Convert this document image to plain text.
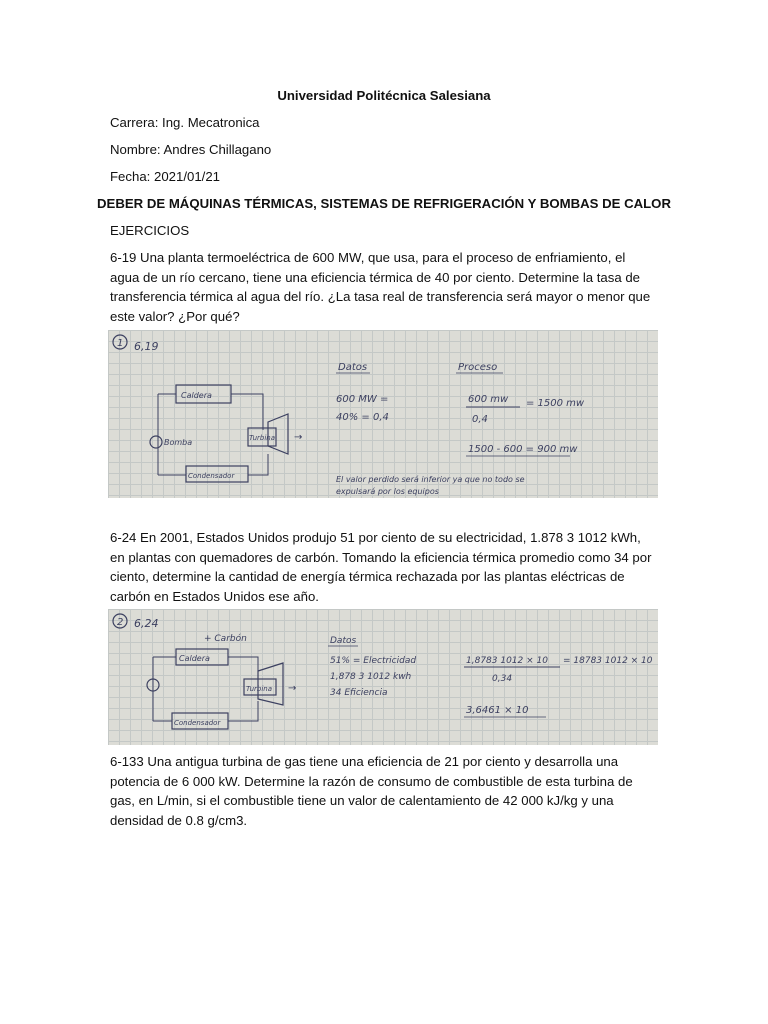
Universidad Politécnica Salesiana
Carrera: Ing. Mecatronica
Nombre: Andres Chillagano
Fecha: 2021/01/21
DEBER DE MÁQUINAS TÉRMICAS, SISTEMAS DE REFRIGERACIÓN Y BOMBAS DE CALOR
EJERCICIOS
6-19 Una planta termoeléctrica de 600 MW, que usa, para el proceso de enfriamiento, el agua de un río cercano, tiene una eficiencia térmica de 40 por ciento. Determine la tasa de transferencia térmica al agua del río. ¿La tasa real de transferencia será mayor o menor que este valor? ¿Por qué?
1 6,19
Caldera
Turbina →
Bomba
Condensador
Datos
600 MW =
40% = 0,4
Proceso
600 mw
0,4
= 1500 mw
1500 - 600 = 900 mw
El valor perdido será inferior ya que no todo se
expulsará por los equipos
6-24 En 2001, Estados Unidos produjo 51 por ciento de su electricidad, 1.878 3 1012 kWh, en plantas con quemadores de carbón. Tomando la eficiencia térmica promedio como 34 por ciento, determine la cantidad de energía térmica rechazada por las plantas eléctricas de carbón en Estados Unidos ese año.
2 6,24
+ Carbón
Caldera
Turbina →
Condensador
Datos
51% = Electricidad
1,878 3 1012 kwh
34 Eficiencia
1,8783 1012 × 10
0,34
= 18783 1012 × 10
3,6461 × 10
6-133 Una antigua turbina de gas tiene una eficiencia de 21 por ciento y desarrolla una potencia de 6 000 kW. Determine la razón de consumo de combustible de esta turbina de gas, en L/min, si el combustible tiene un valor de calentamiento de 42 000 kJ/kg y una densidad de 0.8 g/cm3.
